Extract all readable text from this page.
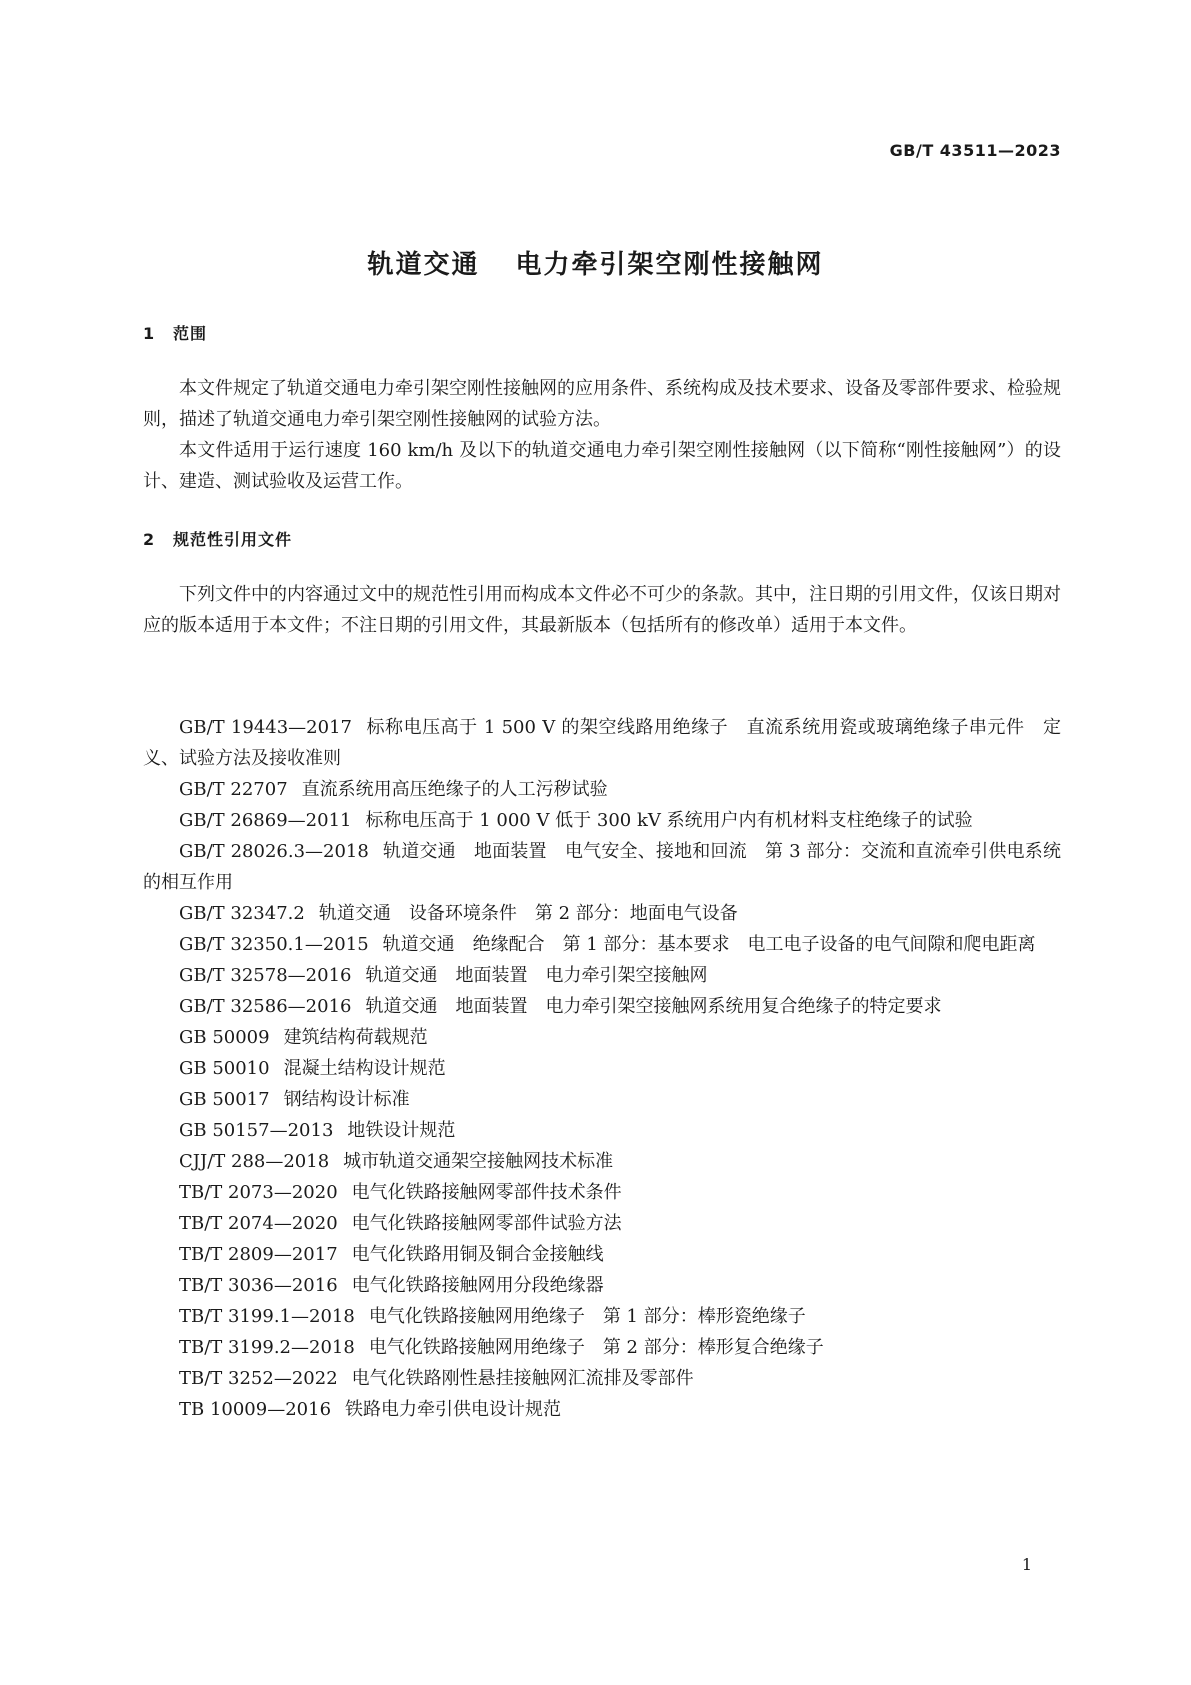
GB/T 43511—2023
轨道交通 电力牵引架空刚性接触网
1 范围

本文件规定了轨道交通电力牵引架空刚性接触网的应用条件、系统构成及技术要求、设备及零部件要求、检验规则，描述了轨道交通电力牵引架空刚性接触网的试验方法。

本文件适用于运行速度 160 km/h 及以下的轨道交通电力牵引架空刚性接触网（以下简称“刚性接触网”）的设计、建造、测试验收及运营工作。

2 规范性引用文件

下列文件中的内容通过文中的规范性引用而构成本文件必不可少的条款。其中，注日期的引用文件，仅该日期对应的版本适用于本文件；不注日期的引用文件，其最新版本（包括所有的修改单）适用于本文件。

GB/T 19443—2017 标称电压高于 1 500 V 的架空线路用绝缘子　直流系统用瓷或玻璃绝缘子串元件　定义、试验方法及接收准则
GB/T 22707 直流系统用高压绝缘子的人工污秽试验
GB/T 26869—2011 标称电压高于 1 000 V 低于 300 kV 系统用户内有机材料支柱绝缘子的试验
GB/T 28026.3—2018 轨道交通　地面装置　电气安全、接地和回流　第 3 部分：交流和直流牵引供电系统的相互作用
GB/T 32347.2 轨道交通　设备环境条件　第 2 部分：地面电气设备
GB/T 32350.1—2015 轨道交通　绝缘配合　第 1 部分：基本要求　电工电子设备的电气间隙和爬电距离
GB/T 32578—2016 轨道交通　地面装置　电力牵引架空接触网
GB/T 32586—2016 轨道交通　地面装置　电力牵引架空接触网系统用复合绝缘子的特定要求
GB 50009 建筑结构荷载规范
GB 50010 混凝土结构设计规范
GB 50017 钢结构设计标准
GB 50157—2013 地铁设计规范
CJJ/T 288—2018 城市轨道交通架空接触网技术标准
TB/T 2073—2020 电气化铁路接触网零部件技术条件
TB/T 2074—2020 电气化铁路接触网零部件试验方法
TB/T 2809—2017 电气化铁路用铜及铜合金接触线
TB/T 3036—2016 电气化铁路接触网用分段绝缘器
TB/T 3199.1—2018 电气化铁路接触网用绝缘子　第 1 部分：棒形瓷绝缘子
TB/T 3199.2—2018 电气化铁路接触网用绝缘子　第 2 部分：棒形复合绝缘子
TB/T 3252—2022 电气化铁路刚性悬挂接触网汇流排及零部件
TB 10009—2016 铁路电力牵引供电设计规范
1
